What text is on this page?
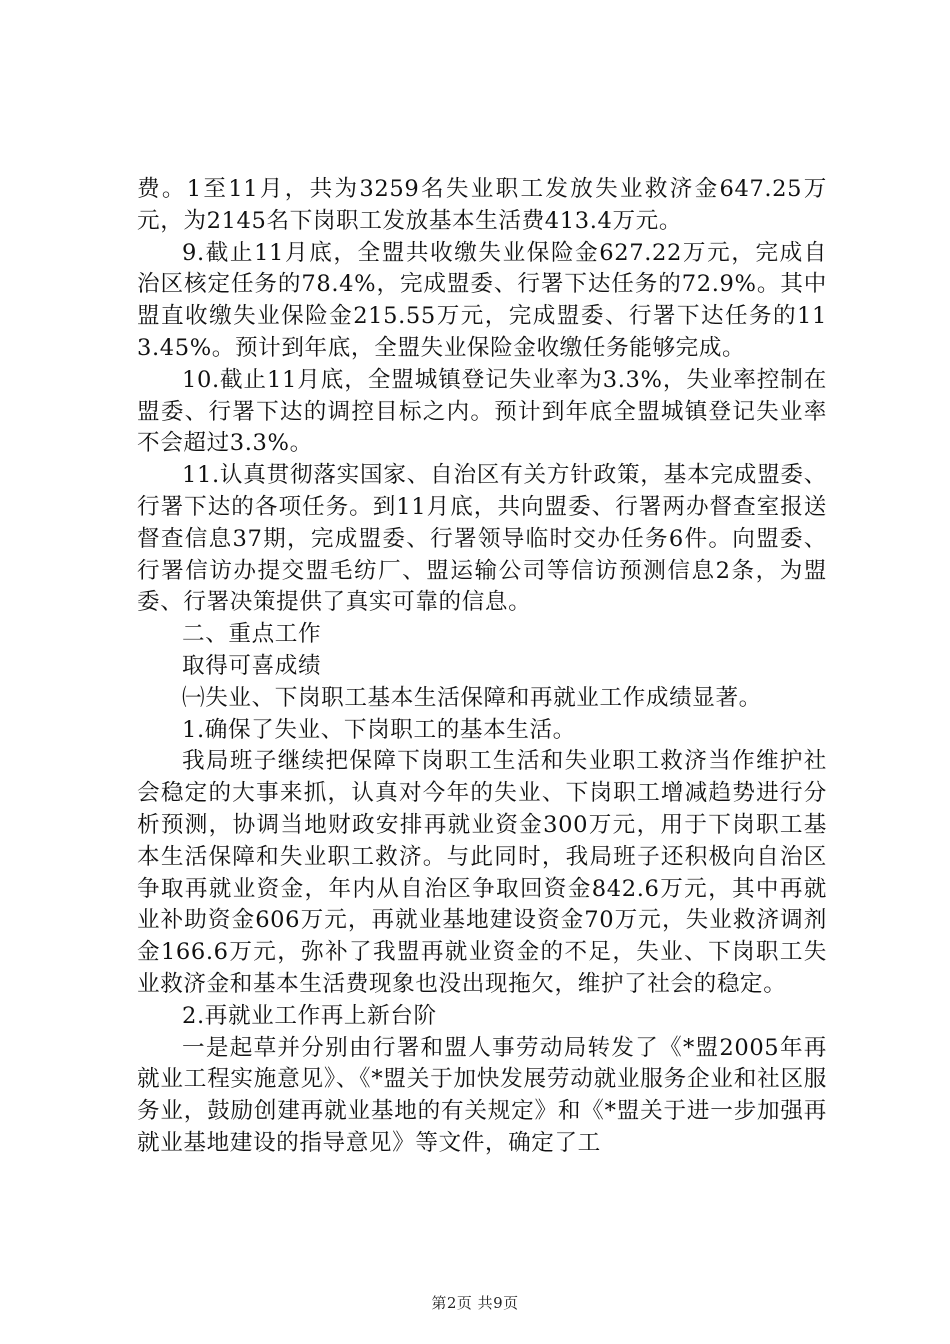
费。1至11月，共为3259名失业职工发放失业救济金647.25万元，为2145名下岗职工发放基本生活费413.4万元。

9.截止11月底，全盟共收缴失业保险金627.22万元，完成自治区核定任务的78.4%，完成盟委、行署下达任务的72.9%。其中盟直收缴失业保险金215.55万元，完成盟委、行署下达任务的113.45%。预计到年底，全盟失业保险金收缴任务能够完成。

10.截止11月底，全盟城镇登记失业率为3.3%，失业率控制在盟委、行署下达的调控目标之内。预计到年底全盟城镇登记失业率不会超过3.3%。

11.认真贯彻落实国家、自治区有关方针政策，基本完成盟委、行署下达的各项任务。到11月底，共向盟委、行署两办督查室报送督查信息37期，完成盟委、行署领导临时交办任务6件。向盟委、行署信访办提交盟毛纺厂、盟运输公司等信访预测信息2条，为盟委、行署决策提供了真实可靠的信息。

二、重点工作

取得可喜成绩

㈠失业、下岗职工基本生活保障和再就业工作成绩显著。

1.确保了失业、下岗职工的基本生活。

我局班子继续把保障下岗职工生活和失业职工救济当作维护社会稳定的大事来抓，认真对今年的失业、下岗职工增减趋势进行分析预测，协调当地财政安排再就业资金300万元，用于下岗职工基本生活保障和失业职工救济。与此同时，我局班子还积极向自治区争取再就业资金，年内从自治区争取回资金842.6万元，其中再就业补助资金606万元，再就业基地建设资金70万元，失业救济调剂金166.6万元，弥补了我盟再就业资金的不足，失业、下岗职工失业救济金和基本生活费现象也没出现拖欠，维护了社会的稳定。

2.再就业工作再上新台阶

一是起草并分别由行署和盟人事劳动局转发了《*盟2005年再就业工程实施意见》、《*盟关于加快发展劳动就业服务企业和社区服务业，鼓励创建再就业基地的有关规定》和《*盟关于进一步加强再就业基地建设的指导意见》等文件，确定了工

第2页 共9页
